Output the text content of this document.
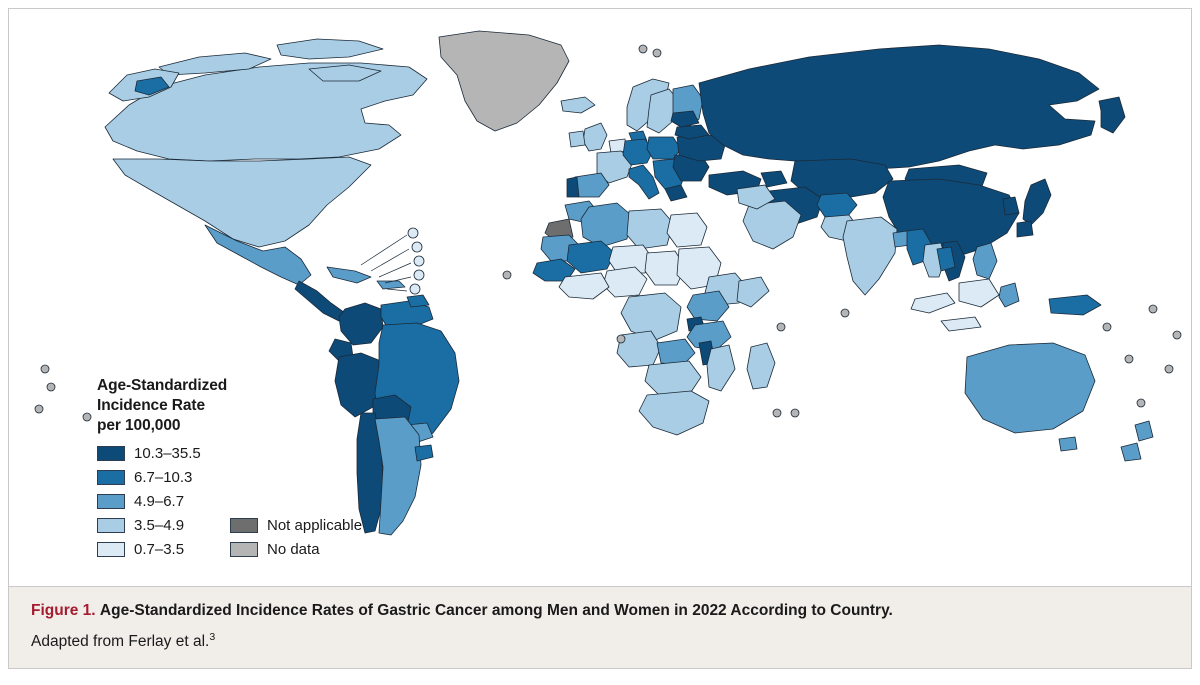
Age-Standardized
Incidence Rate
per 100,000
10.3–35.5
6.7–10.3
4.9–6.7
3.5–4.9	Not applicable
0.7–3.5	No data
Figure 1. Age-Standardized Incidence Rates of Gastric Cancer among Men and Women in 2022 According to Country.
Adapted from Ferlay et al.$^3$
